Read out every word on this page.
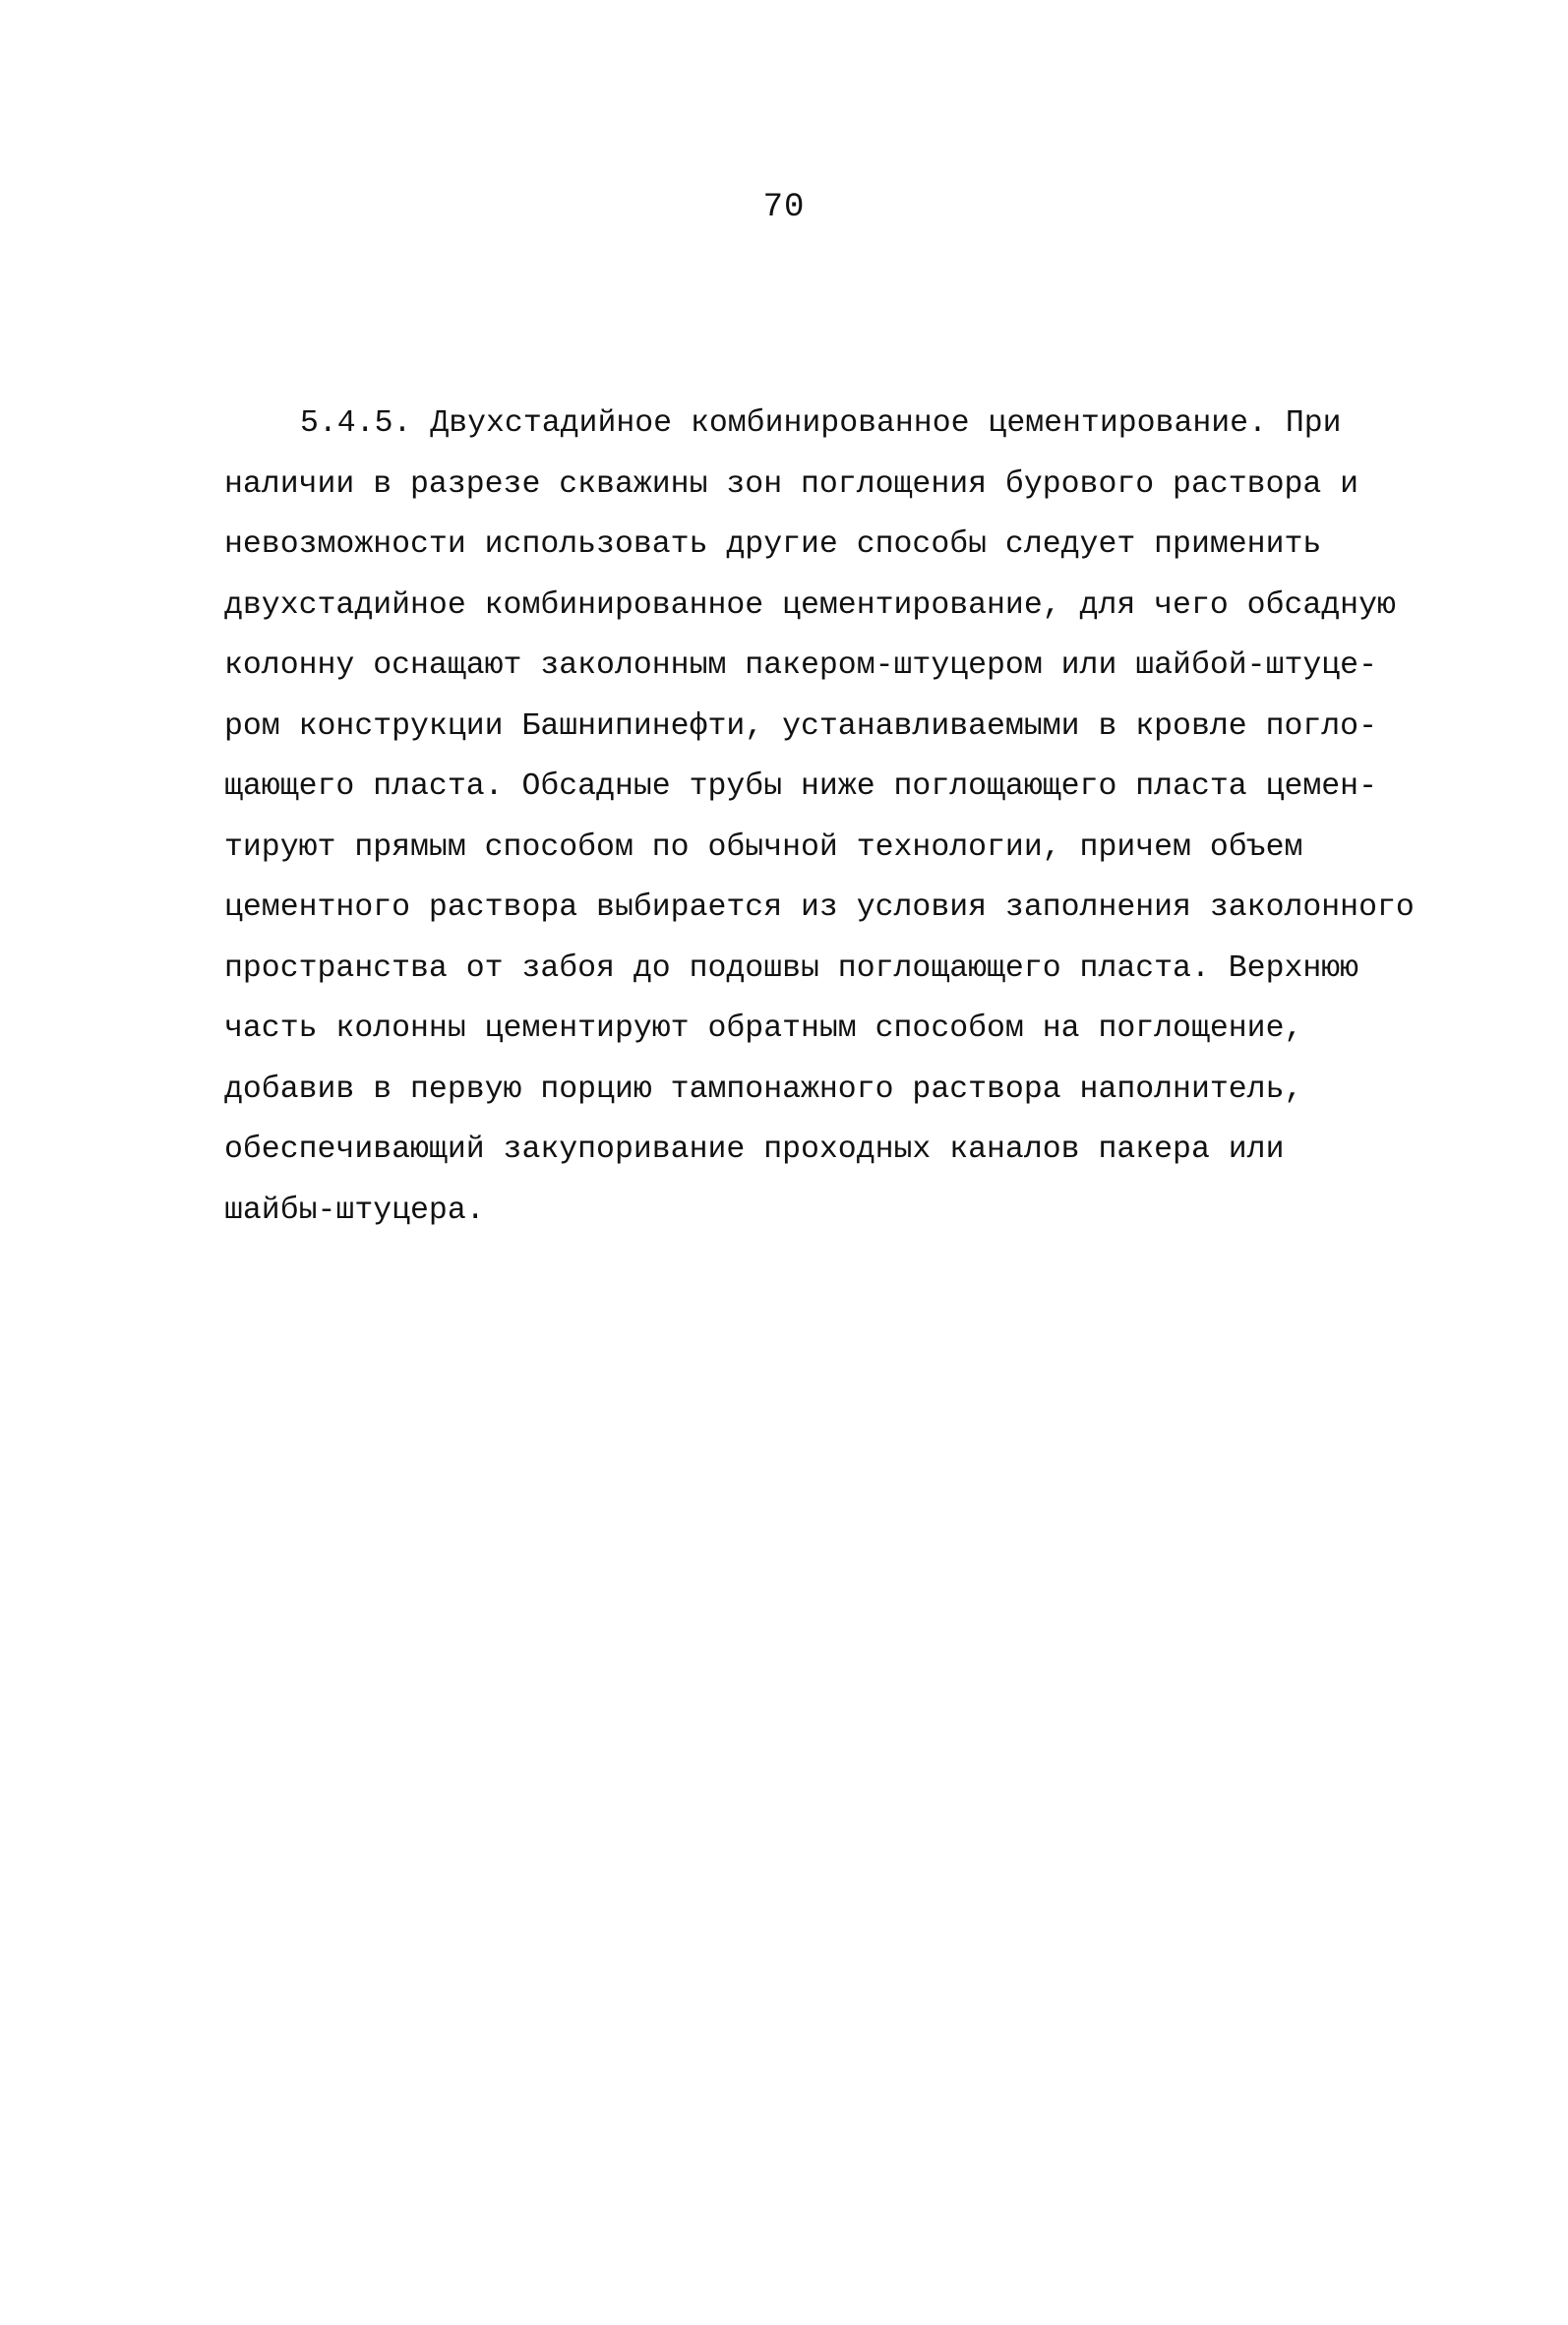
70
5.4.5. Двухстадийное комбинированное цементирование. При
наличии в разрезе скважины зон поглощения бурового раствора и
невозможности использовать другие способы следует применить
двухстадийное комбинированное цементирование, для чего обсадную
колонну оснащают заколонным пакером-штуцером или шайбой-штуце-
ром конструкции Башнипинефти, устанавливаемыми в кровле погло-
щающего пласта. Обсадные трубы ниже поглощающего пласта цемен-
тируют прямым способом по обычной технологии, причем объем
цементного раствора выбирается из условия заполнения заколонного
пространства от забоя до подошвы поглощающего пласта. Верхнюю
часть колонны цементируют обратным способом на поглощение,
добавив в первую порцию тампонажного раствора наполнитель,
обеспечивающий закупоривание проходных каналов пакера или
шайбы-штуцера.
